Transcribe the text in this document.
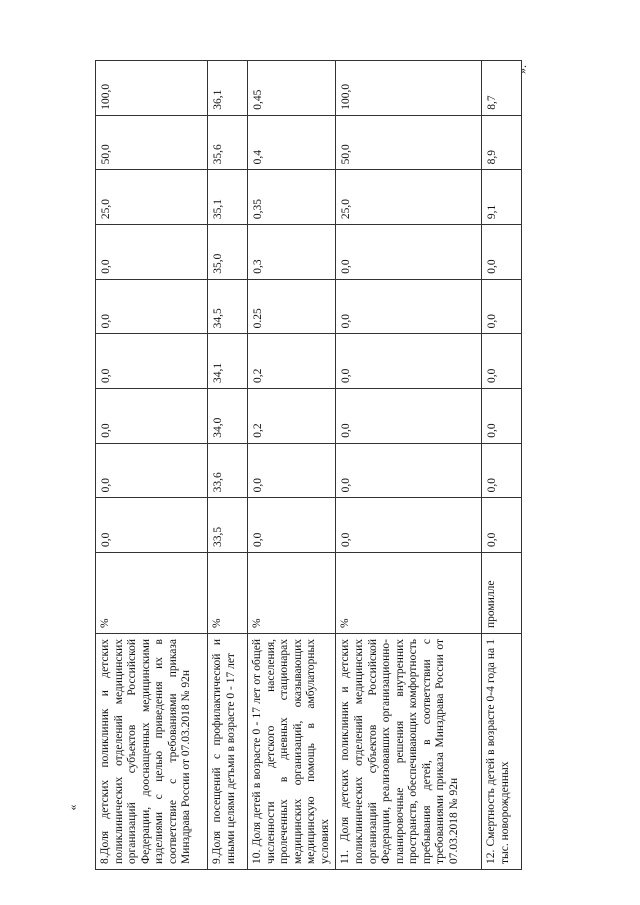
«
».
8.Доля детских поликлиник и детских поликлинических отделений медицинских организаций субъектов Российской Федерации, дооснащенных медицинскими изделиями с целью приведения их в соответствие с требованиями приказа Минздрава России от 07.03.2018 № 92н	%	0,0	0,0	0,0	0,0	0,0	0,0	25,0	50,0	100,0
9.Доля посещений с профилактической и иными целями детьми в возрасте 0 - 17 лет	%	33,5	33,6	34,0	34,1	34,5	35,0	35,1	35,6	36,1
10. Доля детей в возрасте 0 - 17 лет от общей численности детского населения, пролеченных в дневных стационарах медицинских организаций, оказывающих медицинскую помощь в амбулаторных условиях	%	0,0	0,0	0,2	0,2	0.25	0,3	0,35	0,4	0,45
11. Доля детских поликлиник и детских поликлинических отделений медицинских организаций субъектов Российской Федерации, реализовавших организационно-планировочные решения внутренних пространств, обеспечивающих комфортность пребывания детей, в соответствии с требованиями приказа Минздрава России от 07.03.2018 № 92н	%	0,0	0,0	0,0	0,0	0,0	0,0	25,0	50,0	100,0
12. Смертность детей в возрасте 0-4 года на 1 тыс. новорожденных	промилле	0,0	0,0	0,0	0,0	0,0	0,0	9,1	8,9	8,7
